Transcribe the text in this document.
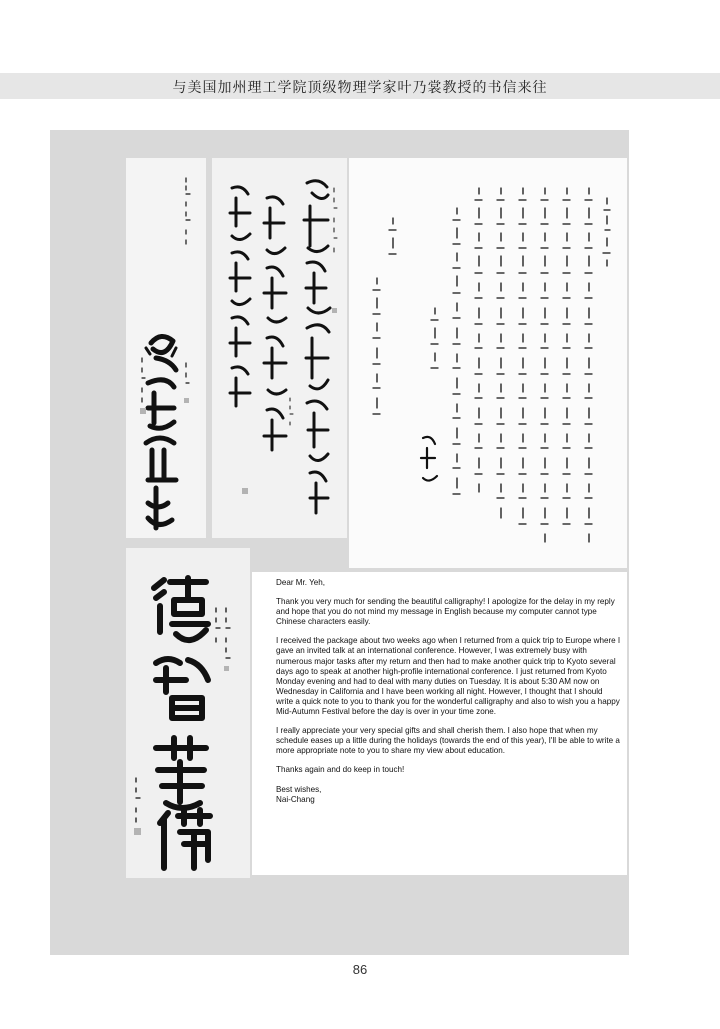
与美国加州理工学院顶级物理学家叶乃裳教授的书信来往

Dear Mr. Yeh,

Thank you very much for sending the beautiful calligraphy! I apologize for the delay in my reply and hope that you do not mind my message in English because my computer cannot type Chinese characters easily.

I received the package about two weeks ago when I returned from a quick trip to Europe where I gave an invited talk at an international conference. However, I was extremely busy with numerous major tasks after my return and then had to make another quick trip to Kyoto several days ago to speak at another high-profile international conference. I just returned from Kyoto Monday evening and had to deal with many duties on Tuesday. It is about 5:30 AM now on Wednesday in California and I have been working all night. However, I thought that I should write a quick note to you to thank you for the wonderful calligraphy and also to wish you a happy Mid-Autumn Festival before the day is over in your time zone.

I really appreciate your very special gifts and shall cherish them. I also hope that when my schedule eases up a little during the holidays (towards the end of this year), I'll be able to write a more appropriate note to you to share my view about education.

Thanks again and do keep in touch!

Best wishes,

Nai-Chang

86
